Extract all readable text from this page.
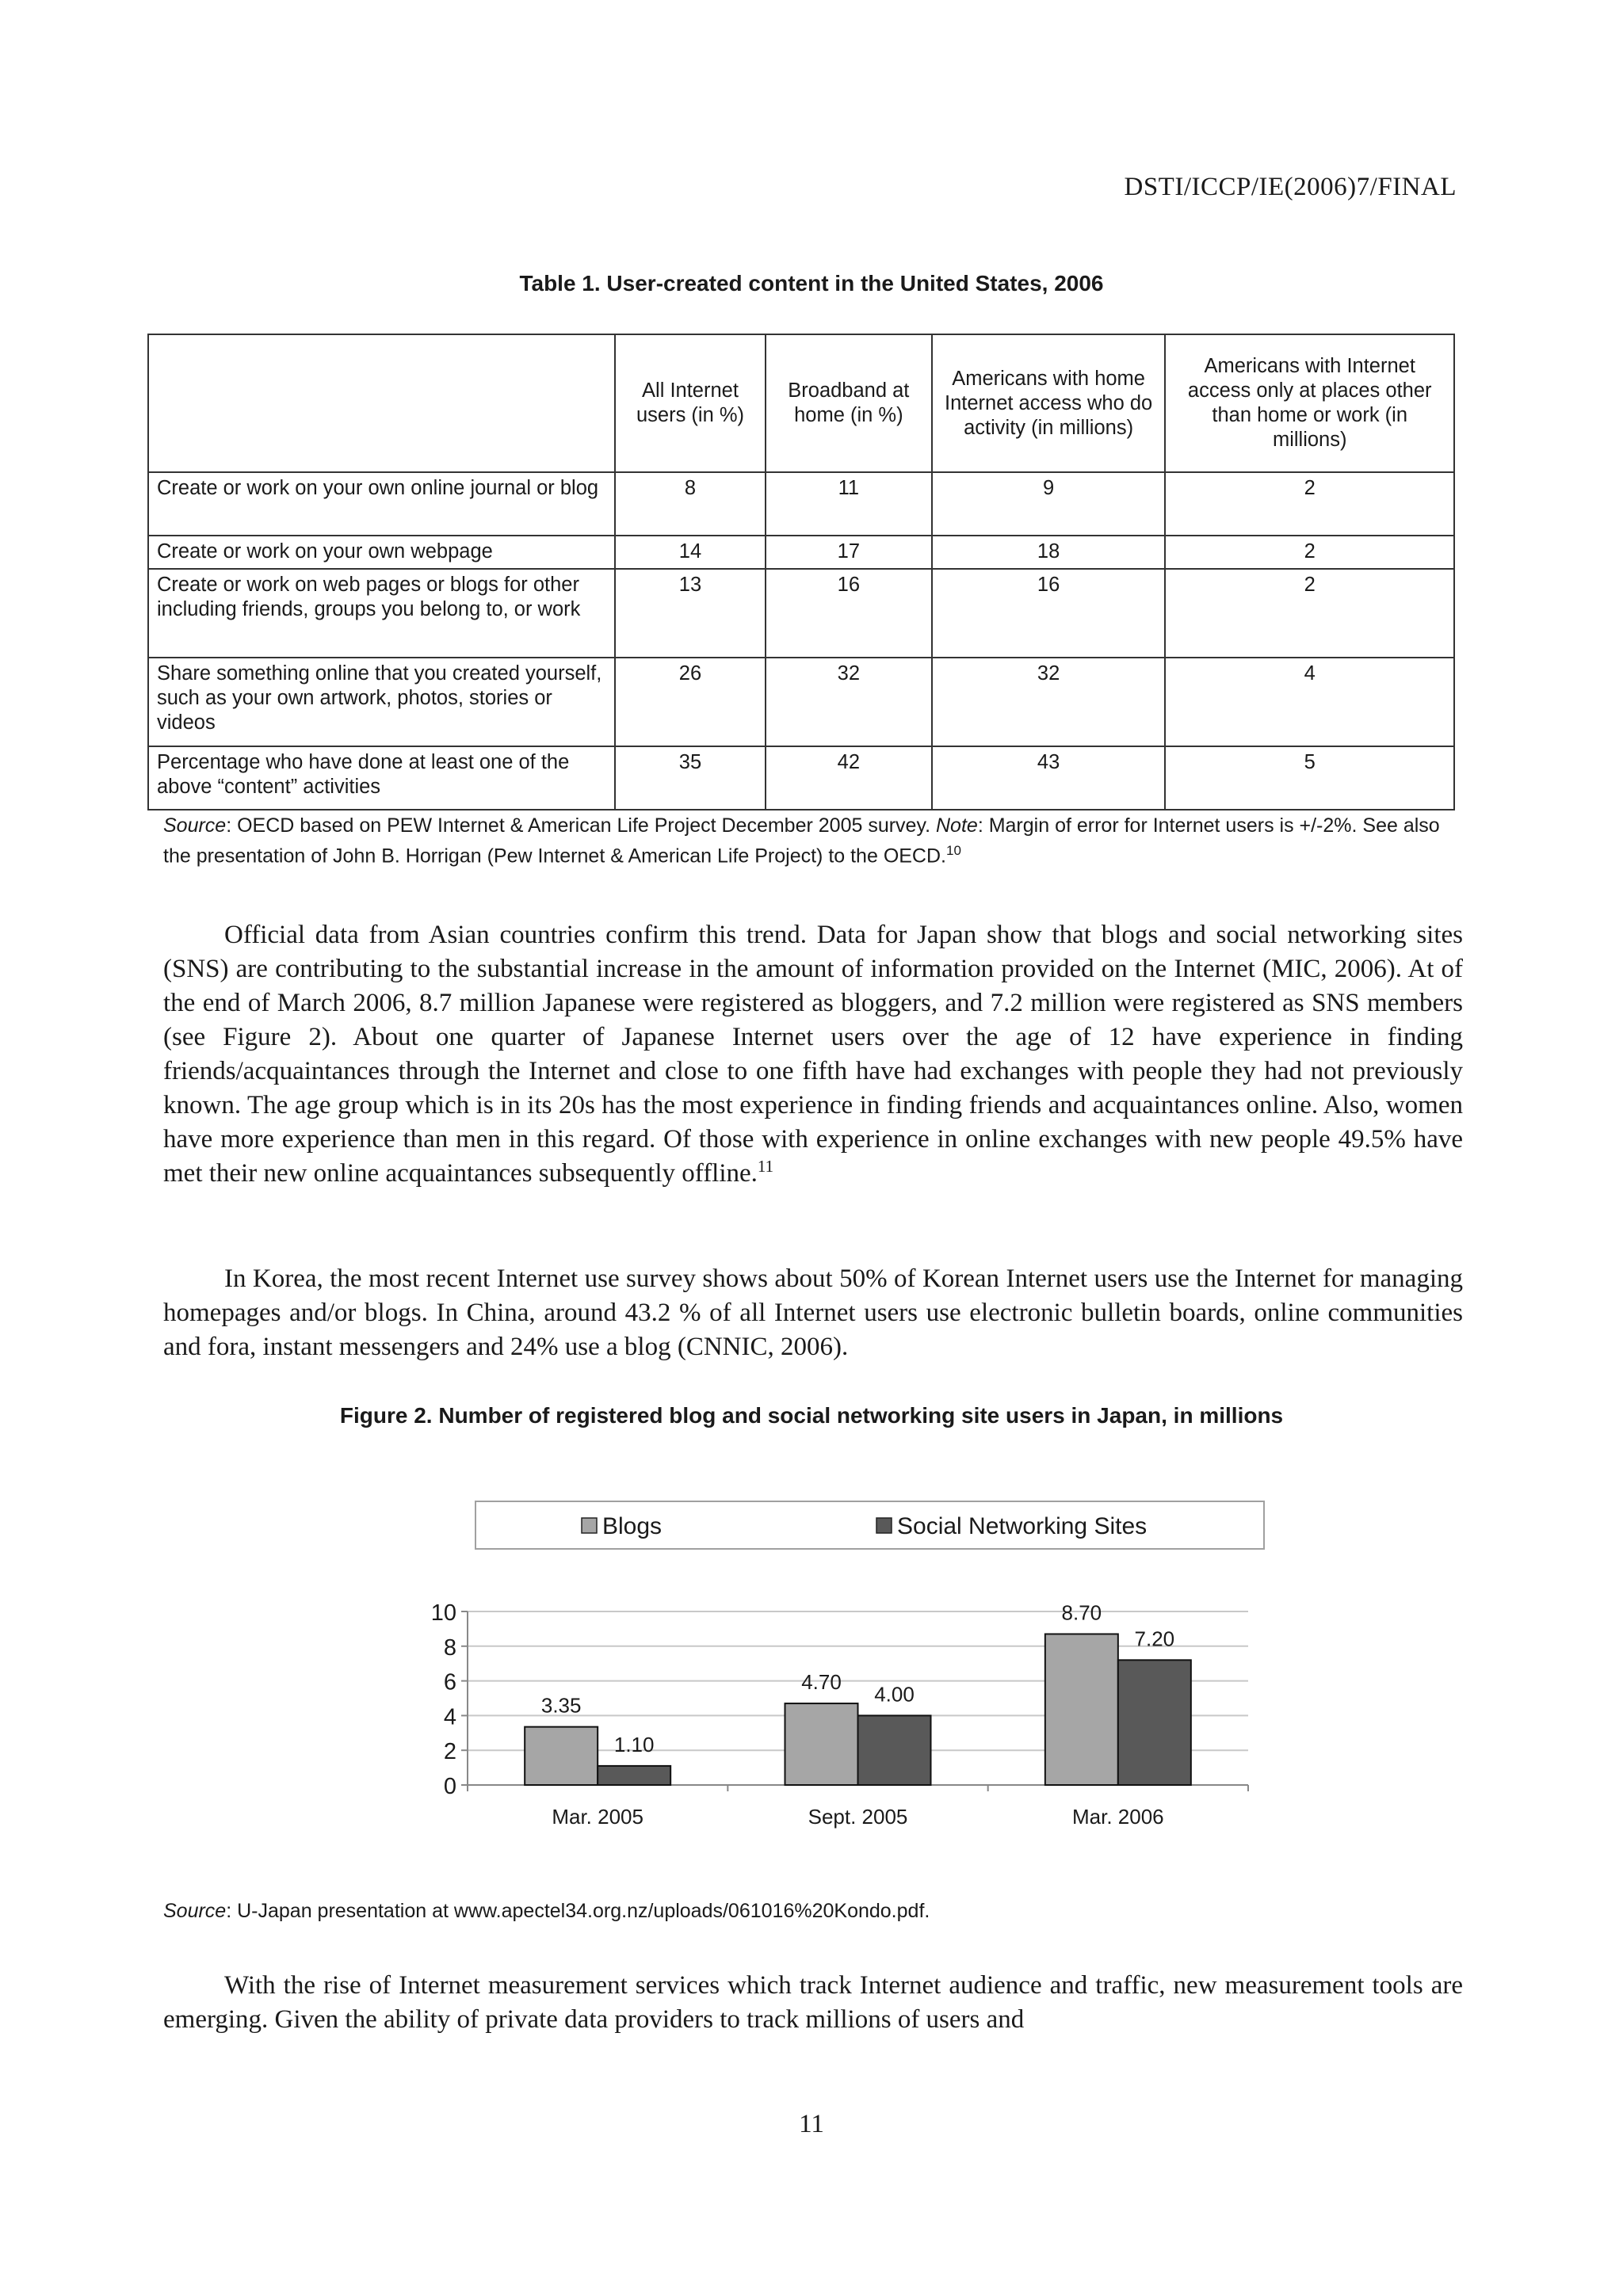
DSTI/ICCP/IE(2006)7/FINAL
Table 1. User-created content in the United States, 2006
	All Internet users (in %)	Broadband at home (in %)	Americans with home Internet access who do activity (in millions)	Americans with Internet access only at places other than home or work (in millions)
Create or work on your own online journal or blog	8	11	9	2
Create or work on your own webpage	14	17	18	2
Create or work on web pages or blogs for other including friends, groups you belong to, or work	13	16	16	2
Share something online that you created yourself, such as your own artwork, photos, stories or videos	26	32	32	4
Percentage who have done at least one of the above “content” activities	35	42	43	5
Source: OECD based on PEW Internet & American Life Project December 2005 survey. Note: Margin of error for Internet users is +/-2%. See also the presentation of John B. Horrigan (Pew Internet & American Life Project) to the OECD.$^{10}$
Official data from Asian countries confirm this trend. Data for Japan show that blogs and social networking sites (SNS) are contributing to the substantial increase in the amount of information provided on the Internet (MIC, 2006). At of the end of March 2006, 8.7 million Japanese were registered as bloggers, and 7.2 million were registered as SNS members (see Figure 2). About one quarter of Japanese Internet users over the age of 12 have experience in finding friends/acquaintances through the Internet and close to one fifth have had exchanges with people they had not previously known. The age group which is in its 20s has the most experience in finding friends and acquaintances online. Also, women have more experience than men in this regard. Of those with experience in online exchanges with new people 49.5% have met their new online acquaintances subsequently offline.$^{11}$
In Korea, the most recent Internet use survey shows about 50% of Korean Internet users use the Internet for managing homepages and/or blogs. In China, around 43.2 % of all Internet users use electronic bulletin boards, online communities and fora, instant messengers and 24% use a blog (CNNIC, 2006).
Figure 2. Number of registered blog and social networking site users in Japan, in millions
Blogs	Social Networking Sites
0
2
4
6
8
10
3.35
1.10
4.70
4.00
8.70
7.20
Mar. 2005	Sept. 2005	Mar. 2006
Source: U-Japan presentation at www.apectel34.org.nz/uploads/061016%20Kondo.pdf.
With the rise of Internet measurement services which track Internet audience and traffic, new measurement tools are emerging. Given the ability of private data providers to track millions of users and
11
